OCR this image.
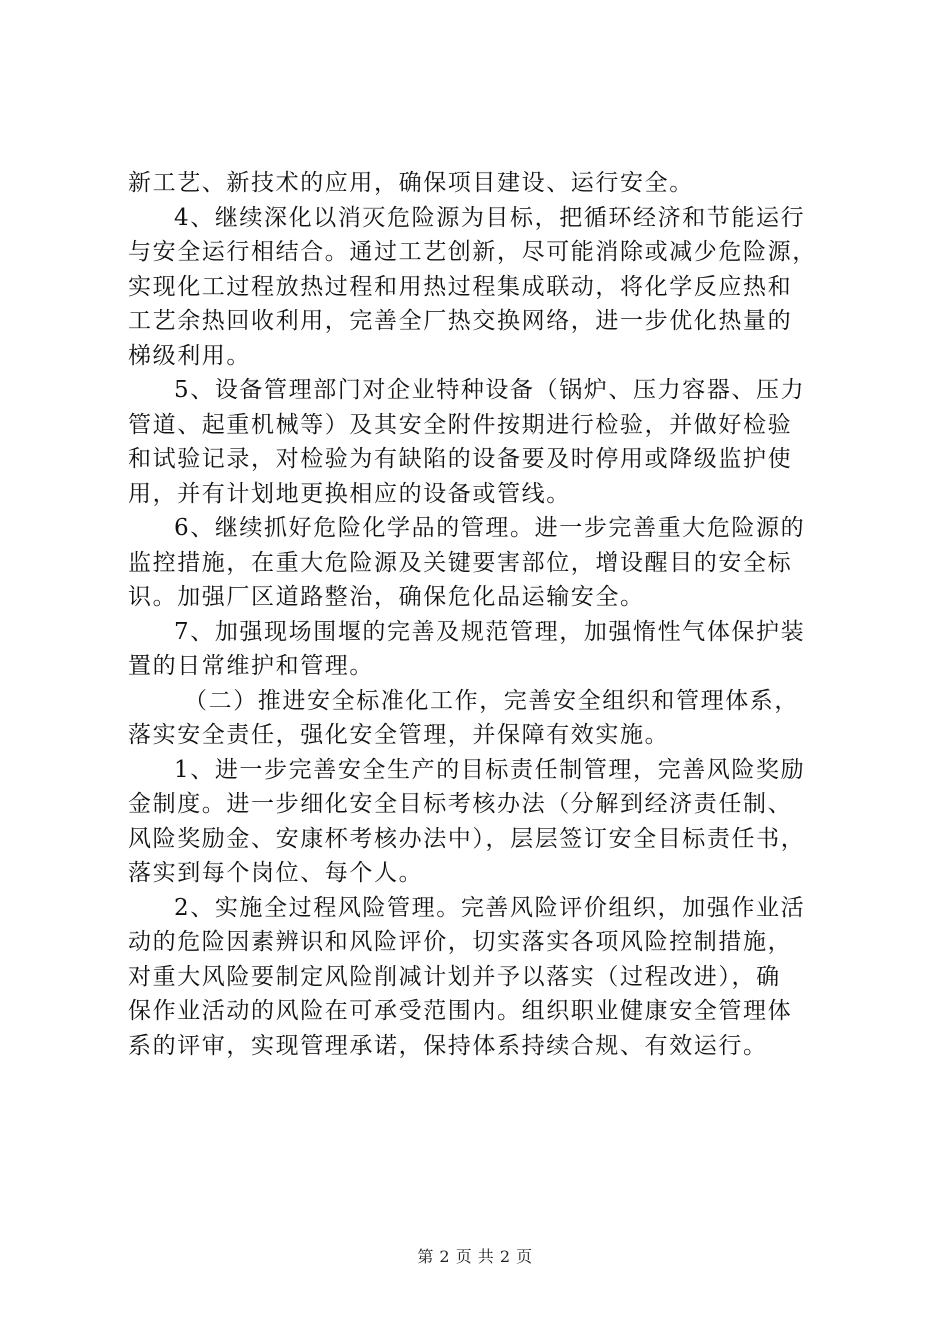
新工艺、新技术的应用，确保项目建设、运行安全。
4、继续深化以消灭危险源为目标，把循环经济和节能运行
与安全运行相结合。通过工艺创新，尽可能消除或减少危险源，
实现化工过程放热过程和用热过程集成联动，将化学反应热和
工艺余热回收利用，完善全厂热交换网络，进一步优化热量的
梯级利用。
5、设备管理部门对企业特种设备（锅炉、压力容器、压力
管道、起重机械等）及其安全附件按期进行检验，并做好检验
和试验记录，对检验为有缺陷的设备要及时停用或降级监护使
用，并有计划地更换相应的设备或管线。
6、继续抓好危险化学品的管理。进一步完善重大危险源的
监控措施，在重大危险源及关键要害部位，增设醒目的安全标
识。加强厂区道路整治，确保危化品运输安全。
7、加强现场围堰的完善及规范管理，加强惰性气体保护装
置的日常维护和管理。
（二）推进安全标准化工作，完善安全组织和管理体系，
落实安全责任，强化安全管理，并保障有效实施。
1、进一步完善安全生产的目标责任制管理，完善风险奖励
金制度。进一步细化安全目标考核办法（分解到经济责任制、
风险奖励金、安康杯考核办法中），层层签订安全目标责任书，
落实到每个岗位、每个人。
2、实施全过程风险管理。完善风险评价组织，加强作业活
动的危险因素辨识和风险评价，切实落实各项风险控制措施，
对重大风险要制定风险削减计划并予以落实（过程改进），确
保作业活动的风险在可承受范围内。组织职业健康安全管理体
系的评审，实现管理承诺，保持体系持续合规、有效运行。
第 2 页 共 2 页
